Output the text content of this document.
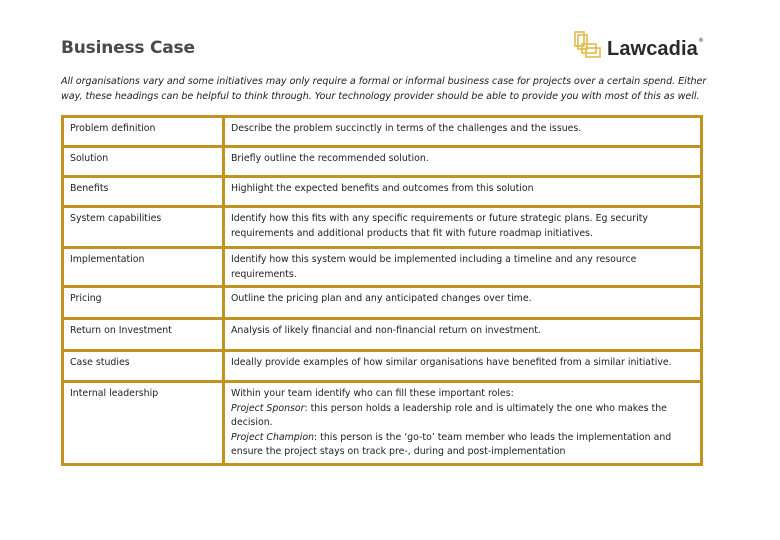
Business Case	Lawcadia®
All organisations vary and some initiatives may only require a formal or informal business case for projects over a certain spend. Either way, these headings can be helpful to think through. Your technology provider should be able to provide you with most of this as well.
Problem definition	Describe the problem succinctly in terms of the challenges and the issues.
Solution	Briefly outline the recommended solution.
Benefits	Highlight the expected benefits and outcomes from this solution
System capabilities	Identify how this fits with any specific requirements or future strategic plans. Eg security requirements and additional products that fit with future roadmap initiatives.
Implementation	Identify how this system would be implemented including a timeline and any resource requirements.
Pricing	Outline the pricing plan and any anticipated changes over time.
Return on Investment	Analysis of likely financial and non-financial return on investment.
Case studies	Ideally provide examples of how similar organisations have benefited from a similar initiative.
Internal leadership	Within your team identify who can fill these important roles:
Project Sponsor: this person holds a leadership role and is ultimately the one who makes the decision.
Project Champion: this person is the ‘go-to’ team member who leads the implementation and ensure the project stays on track pre-, during and post-implementation
